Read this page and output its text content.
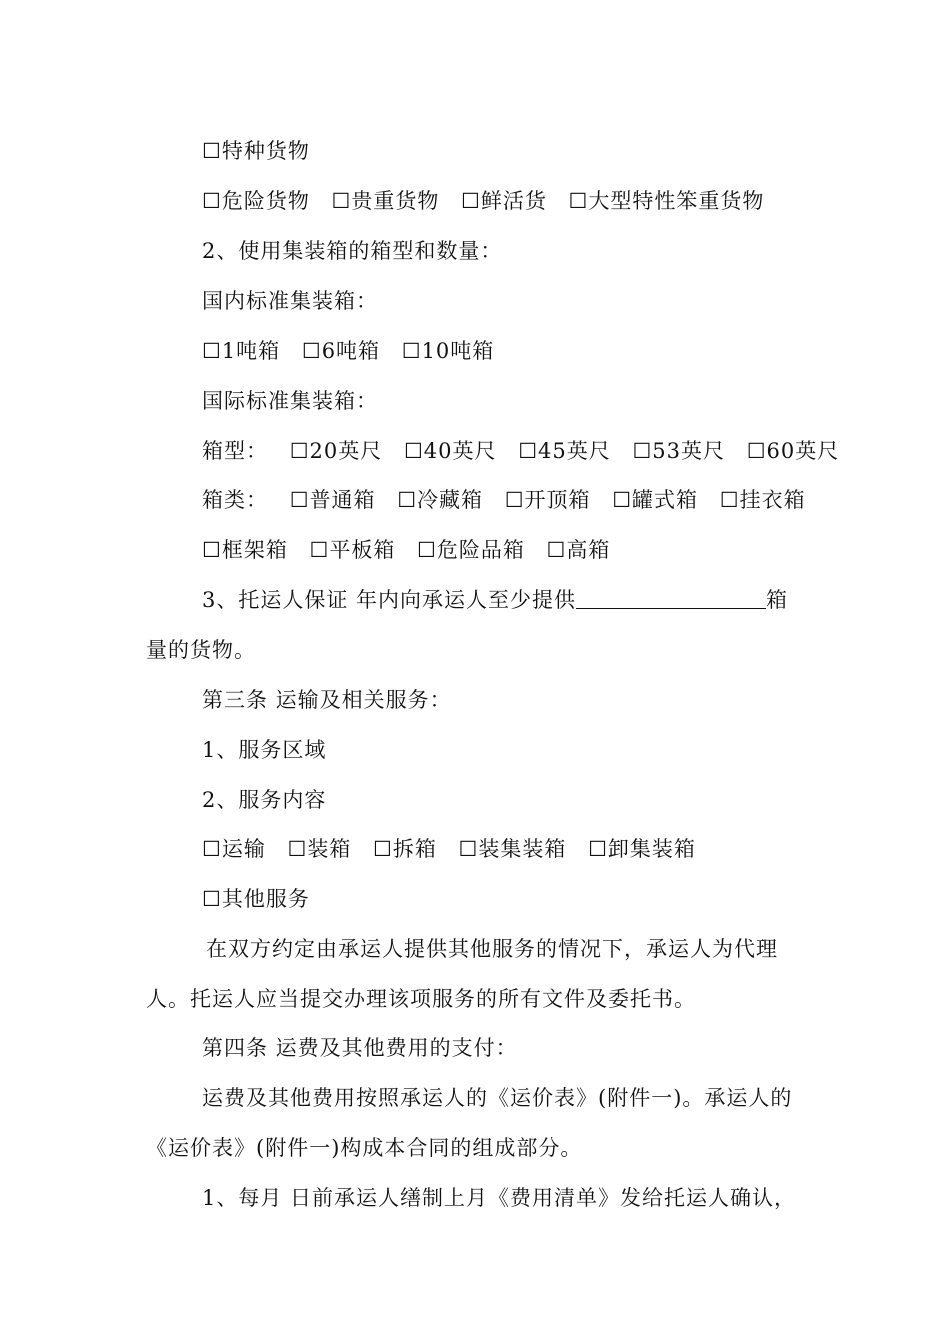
☐特种货物
☐危险货物 ☐贵重货物 ☐鲜活货 ☐大型特性笨重货物
2、使用集装箱的箱型和数量：
国内标准集装箱：
☐1吨箱 ☐6吨箱 ☐10吨箱
国际标准集装箱：
箱型： ☐20英尺 ☐40英尺 ☐45英尺 ☐53英尺 ☐60英尺
箱类： ☐普通箱 ☐冷藏箱 ☐开顶箱 ☐罐式箱 ☐挂衣箱
☐框架箱 ☐平板箱 ☐危险品箱 ☐高箱
3、托运人保证 年内向承运人至少提供	箱
量的货物。
第三条 运输及相关服务：
1、服务区域
2、服务内容
☐运输 ☐装箱 ☐拆箱 ☐装集装箱 ☐卸集装箱
☐其他服务
在双方约定由承运人提供其他服务的情况下，承运人为代理
人。托运人应当提交办理该项服务的所有文件及委托书。
第四条 运费及其他费用的支付：
运费及其他费用按照承运人的《运价表》(附件一)。承运人的
《运价表》(附件一)构成本合同的组成部分。
1、每月 日前承运人缮制上月《费用清单》发给托运人确认，
